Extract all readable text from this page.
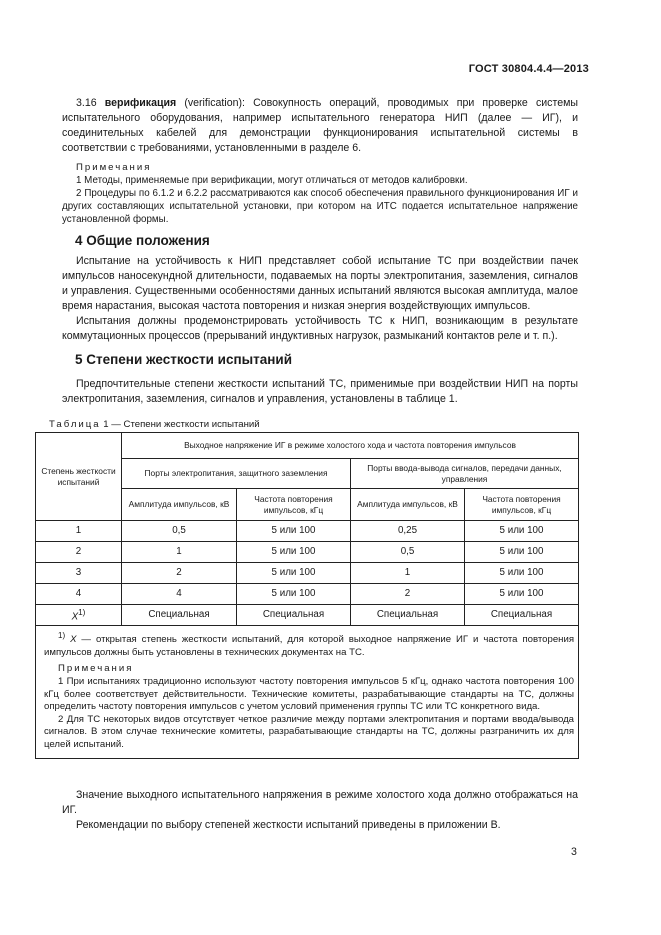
ГОСТ 30804.4.4—2013

3.16 верификация (verification): Совокупность операций, проводимых при проверке системы испытательного оборудования, например испытательного генератора НИП (далее — ИГ), и соединительных кабелей для демонстрации функционирования испытательной системы в соответствии с требованиями, установленными в разделе 6.

Примечания

1 Методы, применяемые при верификации, могут отличаться от методов калибровки.

2 Процедуры по 6.1.2 и 6.2.2 рассматриваются как способ обеспечения правильного функционирования ИГ и других составляющих испытательной установки, при котором на ИТС подается испытательное напряжение установленной формы.

4 Общие положения

Испытание на устойчивость к НИП представляет собой испытание ТС при воздействии пачек импульсов наносекундной длительности, подаваемых на порты электропитания, заземления, сигналов и управления. Существенными особенностями данных испытаний являются высокая амплитуда, малое время нарастания, высокая частота повторения и низкая энергия воздействующих импульсов.

Испытания должны продемонстрировать устойчивость ТС к НИП, возникающим в результате коммутационных процессов (прерываний индуктивных нагрузок, размыканий контактов реле и т. п.).

5 Степени жесткости испытаний

Предпочтительные степени жесткости испытаний ТС, применимые при воздействии НИП на порты электропитания, заземления, сигналов и управления, установлены в таблице 1.

Таблица 1 — Степени жесткости испытаний
Степень жесткости испытаний	Выходное напряжение ИГ в режиме холостого хода и частота повторения импульсов			
	Порты электропитания, защитного заземления		Порты ввода-вывода сигналов, передачи данных, управления	
	Амплитуда импульсов, кВ	Частота повторения импульсов, кГц	Амплитуда импульсов, кВ	Частота повторения импульсов, кГц
1	0,5	5 или 100	0,25	5 или 100
2	1	5 или 100	0,5	5 или 100
3	2	5 или 100	1	5 или 100
4	4	5 или 100	2	5 или 100
$X^{1)}$	Специальная	Специальная	Специальная	Специальная

$^{1)}$ X — открытая степень жесткости испытаний, для которой выходное напряжение ИГ и частота повторения импульсов должны быть установлены в технических документах на ТС.

Примечания

1 При испытаниях традиционно используют частоту повторения импульсов 5 кГц, однако частота повторения 100 кГц более соответствует действительности. Технические комитеты, разрабатывающие стандарты на ТС, должны определить частоту повторения импульсов с учетом условий применения группы ТС или ТС конкретного вида.

2 Для ТС некоторых видов отсутствует четкое различие между портами электропитания и портами ввода/вывода сигналов. В этом случае технические комитеты, разрабатывающие стандарты на ТС, должны разграничить их для целей испытаний.				

Значение выходного испытательного напряжения в режиме холостого хода должно отображаться на ИГ.

Рекомендации по выбору степеней жесткости испытаний приведены в приложении В.

3
